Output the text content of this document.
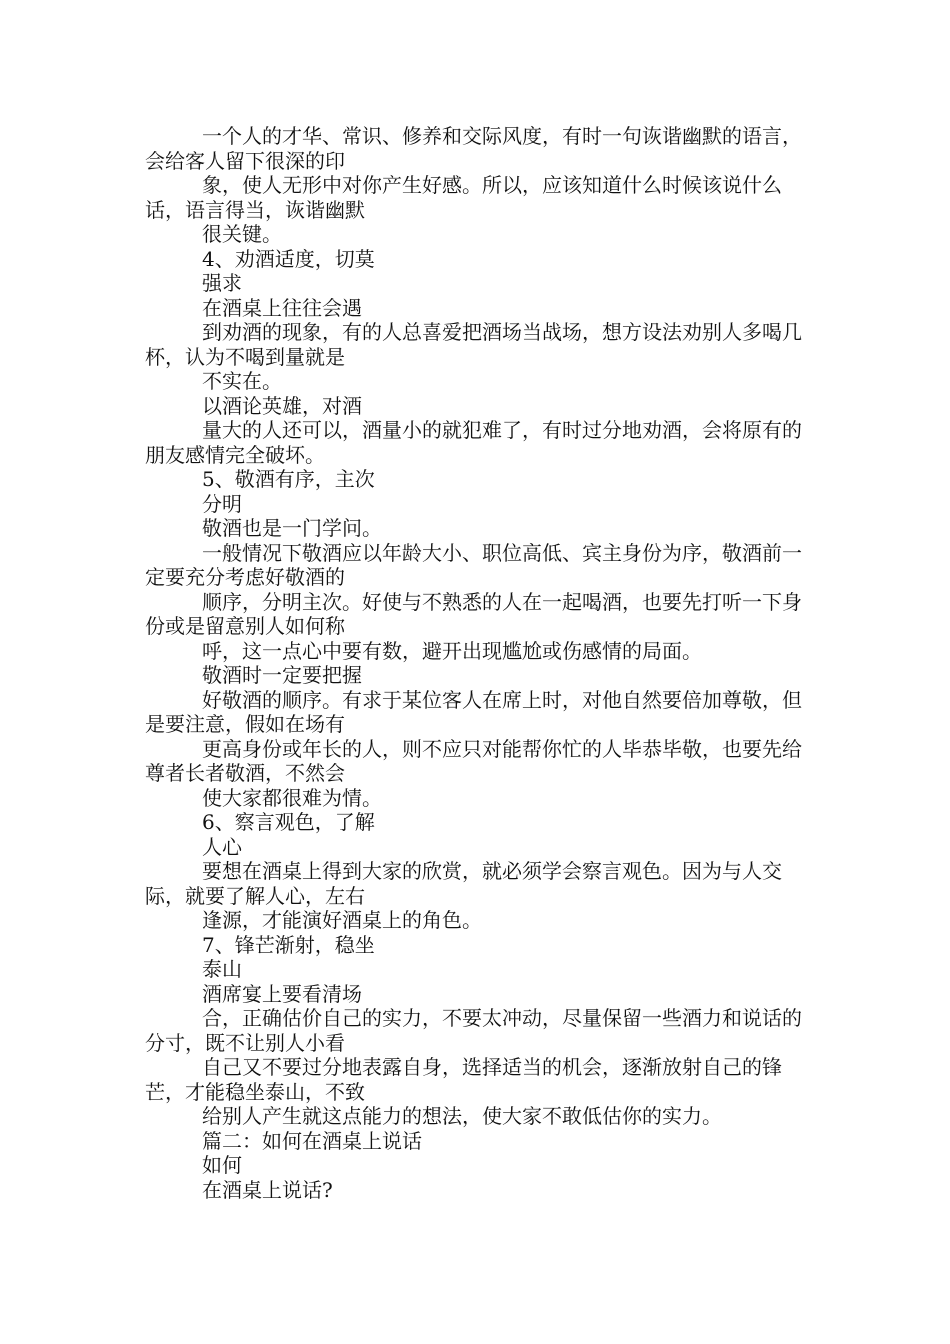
一个人的才华、常识、修养和交际风度，有时一句诙谐幽默的语言，会给客人留下很深的印

象，使人无形中对你产生好感。所以，应该知道什么时候该说什么话，语言得当，诙谐幽默

很关键。

4、劝酒适度，切莫

强求

在酒桌上往往会遇

到劝酒的现象，有的人总喜爱把酒场当战场，想方设法劝别人多喝几杯，认为不喝到量就是

不实在。

以酒论英雄，对酒

量大的人还可以，酒量小的就犯难了，有时过分地劝酒，会将原有的朋友感情完全破坏。

5、敬酒有序，主次

分明

敬酒也是一门学问。

一般情况下敬酒应以年龄大小、职位高低、宾主身份为序，敬酒前一定要充分考虑好敬酒的

顺序，分明主次。好使与不熟悉的人在一起喝酒，也要先打听一下身份或是留意别人如何称

呼，这一点心中要有数，避开出现尴尬或伤感情的局面。

敬酒时一定要把握

好敬酒的顺序。有求于某位客人在席上时，对他自然要倍加尊敬，但是要注意，假如在场有

更高身份或年长的人，则不应只对能帮你忙的人毕恭毕敬，也要先给尊者长者敬酒，不然会

使大家都很难为情。

6、察言观色，了解

人心

要想在酒桌上得到大家的欣赏，就必须学会察言观色。因为与人交际，就要了解人心，左右

逢源，才能演好酒桌上的角色。

7、锋芒渐射，稳坐

泰山

酒席宴上要看清场

合，正确估价自己的实力，不要太冲动，尽量保留一些酒力和说话的分寸，既不让别人小看

自己又不要过分地表露自身，选择适当的机会，逐渐放射自己的锋芒，才能稳坐泰山，不致

给别人产生就这点能力的想法，使大家不敢低估你的实力。

篇二：如何在酒桌上说话

如何

在酒桌上说话?
